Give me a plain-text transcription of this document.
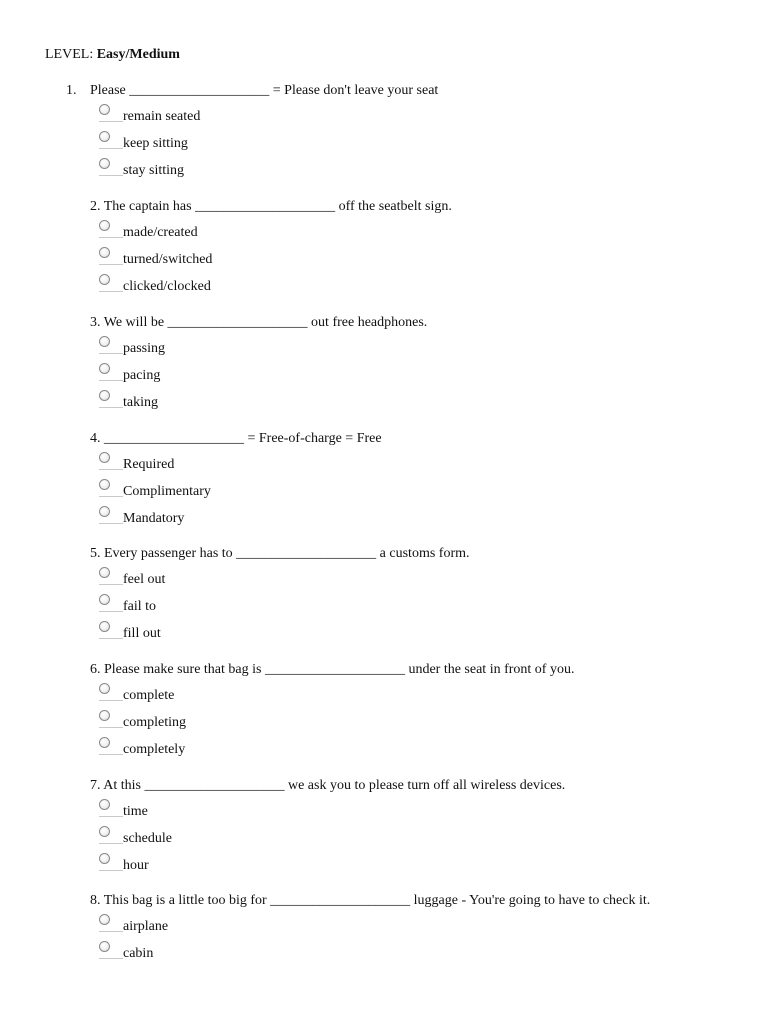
LEVEL: Easy/Medium
1. Please ____________________ = Please don't leave your seat
remain seated
keep sitting
stay sitting
2. The captain has ____________________ off the seatbelt sign.
made/created
turned/switched
clicked/clocked
3. We will be ____________________ out free headphones.
passing
pacing
taking
4. ____________________ = Free-of-charge = Free
Required
Complimentary
Mandatory
5. Every passenger has to ____________________ a customs form.
feel out
fail to
fill out
6. Please make sure that bag is ____________________ under the seat in front of you.
complete
completing
completely
7. At this ____________________ we ask you to please turn off all wireless devices.
time
schedule
hour
8. This bag is a little too big for ____________________ luggage - You're going to have to check it.
airplane
cabin
